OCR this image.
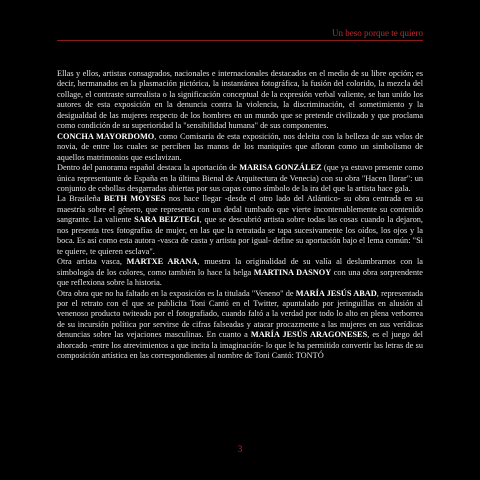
Un beso porque te quiero

Ellas y ellos, artistas consagrados, nacionales e internacionales destacados en el medio de su libre opción; es decir, hermanados en la plasmación pictórica, la instantánea fotográfica, la fusión del colorido, la mezcla del collage, el contraste surrealista o la significación conceptual de la expresión verbal valiente, se han unido los autores de esta exposición en la denuncia contra la violencia, la discriminación, el sometimiento y la desigualdad de las mujeres respecto de los hombres en un mundo que se pretende civilizado y que proclama como condición de su superioridad la "sensibilidad humana" de sus componentes.

CONCHA MAYORDOMO, como Comisaria de esta exposición, nos deleita con la belleza de sus velos de novia, de entre los cuales se perciben las manos de los maniquíes que afloran como un simbolismo de aquellos matrimonios que esclavizan.

Dentro del panorama español destaca la aportación de MARISA GONZÁLEZ (que ya estuvo presente como única representante de España en la última Bienal de Arquitectura de Venecia) con su obra "Hacen llorar": un conjunto de cebollas desgarradas abiertas por sus capas como símbolo de la ira del que la artista hace gala.

La Brasileña BETH MOYSES nos hace llegar -desde el otro lado del Atlántico- su obra centrada en su maestría sobre el género, que representa con un dedal tumbado que vierte incontenublemente su contenido sangrante. La valiente SARA BEIZTEGI, que se descubrió artista sobre todas las cosas cuando la dejaron, nos presenta tres fotografías de mujer, en las que la retratada se tapa sucesivamente los oídos, los ojos y la boca. Es así como esta autora -vasca de casta y artista por igual- define su aportación bajo el lema común: "Si te quiere, te quieren esclava".

Otra artista vasca, MARTXE ARANA, muestra la originalidad de su valía al deslumbrarnos con la simbología de los colores, como también lo hace la belga MARTINA DASNOY con una obra sorprendente que reflexiona sobre la historia.

Otra obra que no ha faltado en la exposición es la titulada "Veneno" de MARÍA JESÚS ABAD, representada por el retrato con el que se publicita Toni Cantó en el Twitter, apuntalado por jeringuillas en alusión al venenoso producto twiteado por el fotografiado, cuando faltó a la verdad por todo lo alto en plena verborrea de su incursión política por servirse de cifras falseadas y atacar procazmente a las mujeres en sus verídicas denuncias sobre las vejaciones masculinas. En cuanto a MARÍA JESÚS ARAGONESES, es el juego del ahorcado -entre los atrevimientos a que incita la imaginación- lo que le ha permitido convertir las letras de su composición artística en las correspondientes al nombre de Toni Cantó: TONTÓ

3
